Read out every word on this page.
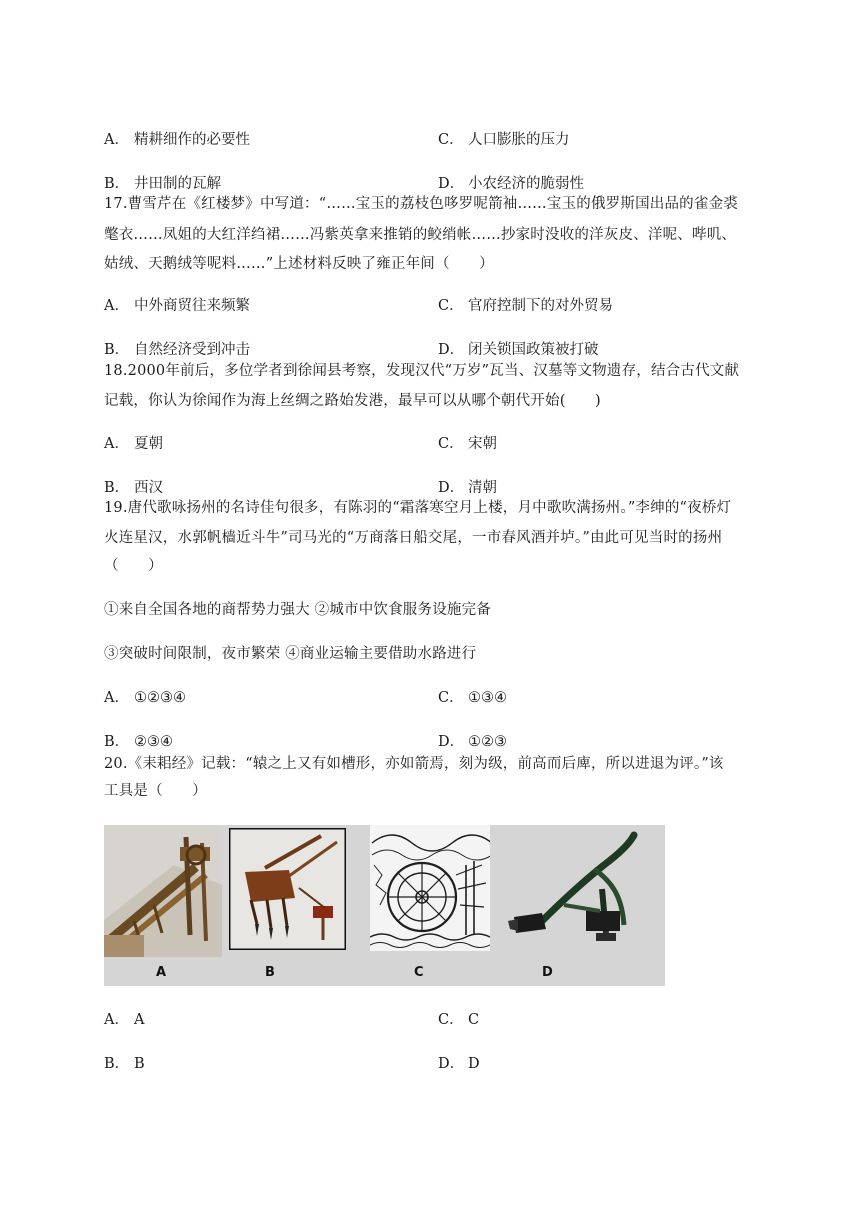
A． 精耕细作的必要性	C． 人口膨胀的压力
B． 井田制的瓦解	D． 小农经济的脆弱性
17.曹雪芹在《红楼梦》中写道：“……宝玉的荔枝色哆罗呢箭袖……宝玉的俄罗斯国出品的雀金裘
氅衣……凤姐的大红洋绉裙……冯紫英拿来推销的鲛绡帐……抄家时没收的洋灰皮、洋呢、哔叽、
姑绒、天鹅绒等呢料……”上述材料反映了雍正年间（　　）
A． 中外商贸往来频繁	C． 官府控制下的对外贸易
B． 自然经济受到冲击	D． 闭关锁国政策被打破
18.2000年前后，多位学者到徐闻县考察，发现汉代“万岁”瓦当、汉墓等文物遗存，结合古代文献
记载，你认为徐闻作为海上丝绸之路始发港，最早可以从哪个朝代开始(　　)
A． 夏朝	C． 宋朝
B． 西汉	D． 清朝
19.唐代歌咏扬州的名诗佳句很多，有陈羽的“霜落寒空月上楼，月中歌吹满扬州。”李绅的“夜桥灯
火连星汉，水郭帆樯近斗牛”司马光的“万商落日船交尾，一市春风酒并垆。”由此可见当时的扬州
（　　）
①来自全国各地的商帮势力强大 ②城市中饮食服务设施完备
③突破时间限制，夜市繁荣 ④商业运输主要借助水路进行
A． ①②③④	C． ①③④
B． ②③④	D． ①②③
20.《耒耜经》记载：“辕之上又有如槽形，亦如箭焉，刻为级，前高而后庳，所以进退为评。”该
工具是（　　）
A	B	C	D
A． A	C． C
B． B	D． D
